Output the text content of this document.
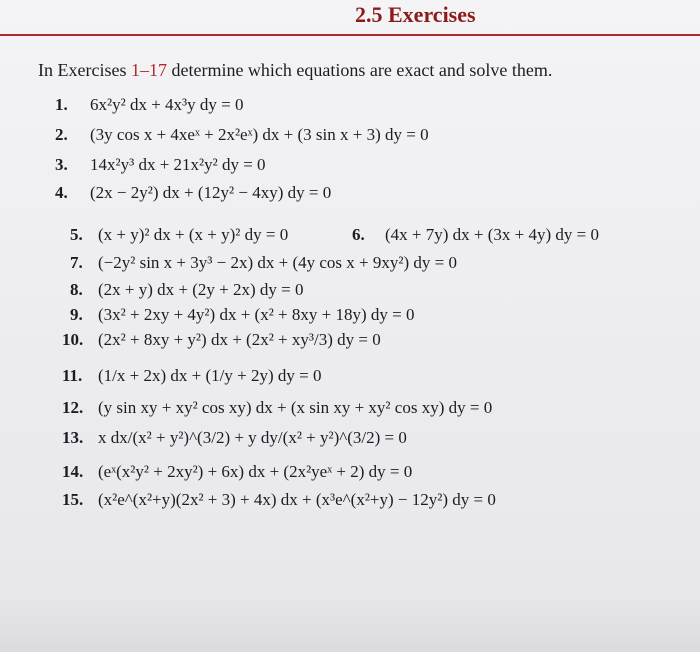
2.5 Exercises
In Exercises 1–17 determine which equations are exact and solve them.
1. 6x²y² dx + 4x³y dy = 0
2. (3y cos x + 4xeˣ + 2x²eˣ) dx + (3 sin x + 3) dy = 0
3. 14x²y³ dx + 21x²y² dy = 0
4. (2x − 2y²) dx + (12y² − 4xy) dy = 0
5. (x + y)² dx + (x + y)² dy = 0	6. (4x + 7y) dx + (3x + 4y) dy = 0
7. (−2y² sin x + 3y³ − 2x) dx + (4y cos x + 9xy²) dy = 0
8. (2x + y) dx + (2y + 2x) dy = 0
9. (3x² + 2xy + 4y²) dx + (x² + 8xy + 18y) dy = 0
10. (2x² + 8xy + y²) dx + (2x² + xy³/3) dy = 0
11. (1/x + 2x) dx + (1/y + 2y) dy = 0
12. (y sin xy + xy² cos xy) dx + (x sin xy + xy² cos xy) dy = 0
13. x dx/(x² + y²)^(3/2) + y dy/(x² + y²)^(3/2) = 0
14. (eˣ(x²y² + 2xy²) + 6x) dx + (2x²yeˣ + 2) dy = 0
15. (x²e^(x²+y)(2x² + 3) + 4x) dx + (x³e^(x²+y) − 12y²) dy = 0
